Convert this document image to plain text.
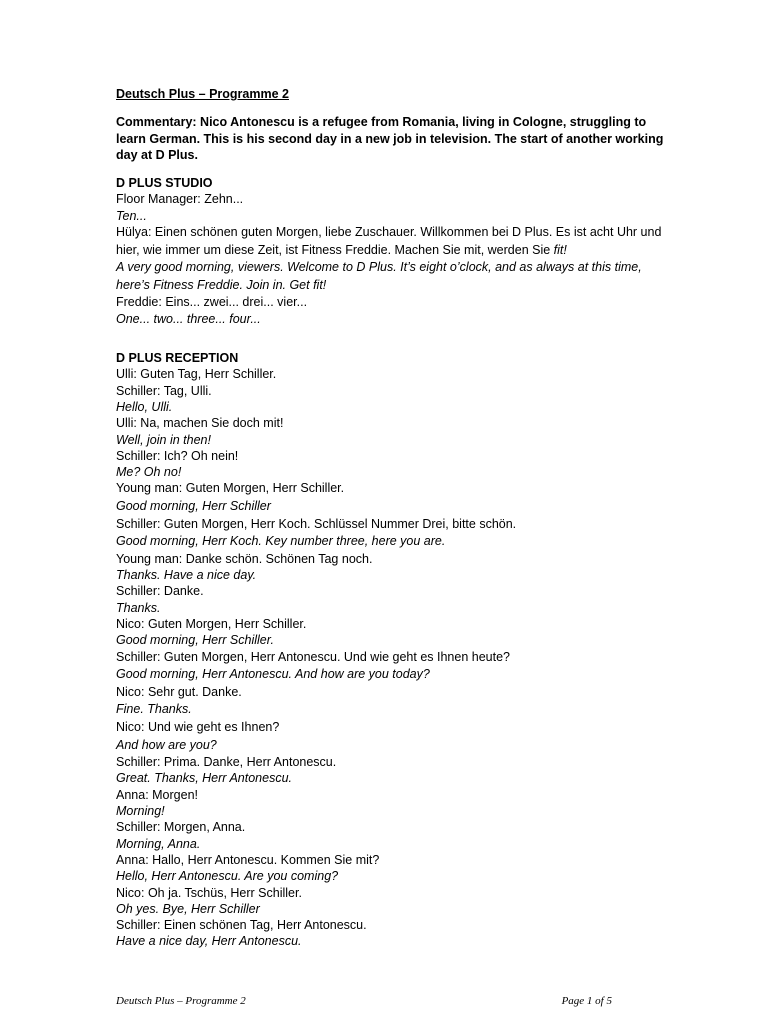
Deutsch Plus – Programme 2
Commentary: Nico Antonescu is a refugee from Romania, living in Cologne, struggling to learn German. This is his second day in a new job in television. The start of another working day at D Plus.
D PLUS STUDIO
Floor Manager: Zehn...
Ten...
Hülya: Einen schönen guten Morgen, liebe Zuschauer. Willkommen bei D Plus. Es ist acht Uhr und hier, wie immer um diese Zeit, ist Fitness Freddie. Machen Sie mit, werden Sie fit!
A very good morning, viewers. Welcome to D Plus. It’s eight o’clock, and as always at this time, here’s Fitness Freddie. Join in. Get fit!
Freddie: Eins... zwei... drei... vier...
One... two... three... four...
D PLUS RECEPTION
Ulli: Guten Tag, Herr Schiller.
Schiller: Tag, Ulli.
Hello, Ulli.
Ulli: Na, machen Sie doch mit!
Well, join in then!
Schiller: Ich? Oh nein!
Me? Oh no!
Young man: Guten Morgen, Herr Schiller.
Good morning, Herr Schiller
Schiller: Guten Morgen, Herr Koch. Schlüssel Nummer Drei, bitte schön.
Good morning, Herr Koch. Key number three, here you are.
Young man: Danke schön. Schönen Tag noch.
Thanks. Have a nice day.
Schiller: Danke.
Thanks.
Nico: Guten Morgen, Herr Schiller.
Good morning, Herr Schiller.
Schiller: Guten Morgen, Herr Antonescu. Und wie geht es Ihnen heute?
Good morning, Herr Antonescu. And how are you today?
Nico: Sehr gut. Danke.
Fine. Thanks.
Nico: Und wie geht es Ihnen?
And how are you?
Schiller: Prima. Danke, Herr Antonescu.
Great. Thanks, Herr Antonescu.
Anna: Morgen!
Morning!
Schiller: Morgen, Anna.
Morning, Anna.
Anna: Hallo, Herr Antonescu. Kommen Sie mit?
Hello, Herr Antonescu. Are you coming?
Nico: Oh ja. Tschüs, Herr Schiller.
Oh yes. Bye, Herr Schiller
Schiller: Einen schönen Tag, Herr Antonescu.
Have a nice day, Herr Antonescu.
Deutsch Plus – Programme 2	Page 1 of 5
